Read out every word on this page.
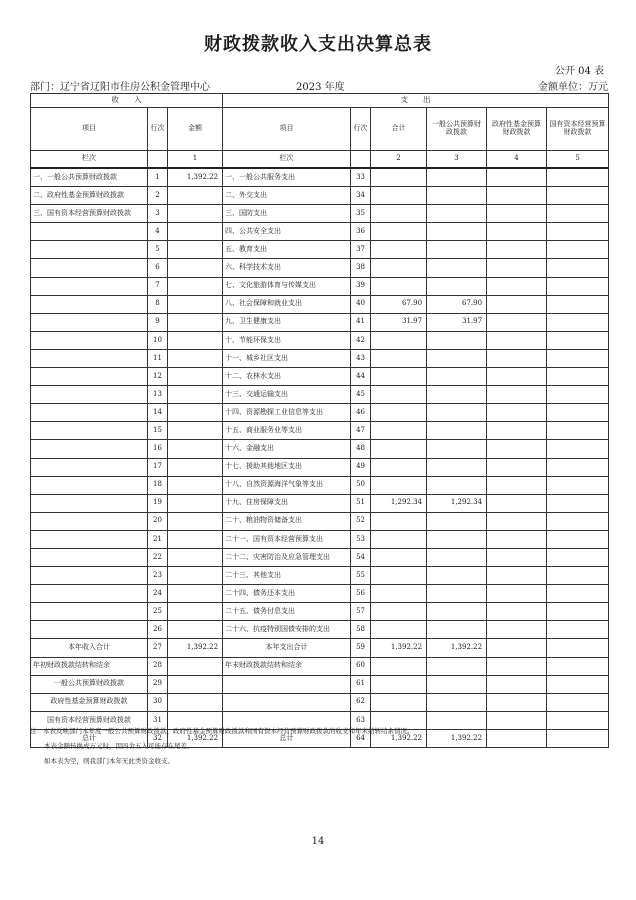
财政拨款收入支出决算总表
公开 04 表
部门：辽宁省辽阳市住房公积金管理中心	2023 年度	金额单位：万元
收　　入			支　　出					
项目	行次	金额	项目	行次	合计	一般公共预算财政拨款	政府性基金预算财政拨款	国有资本经营预算财政拨款
栏次		1	栏次		2	3	4	5
一、一般公共预算财政拨款	1	1,392.22	一、一般公共服务支出	33				
二、政府性基金预算财政拨款	2		二、外交支出	34				
三、国有资本经营预算财政拨款	3		三、国防支出	35				
	4		四、公共安全支出	36				
	5		五、教育支出	37				
	6		六、科学技术支出	38				
	7		七、文化旅游体育与传媒支出	39				
	8		八、社会保障和就业支出	40	67.90	67.90		
	9		九、卫生健康支出	41	31.97	31.97		
	10		十、节能环保支出	42				
	11		十一、城乡社区支出	43				
	12		十二、农林水支出	44				
	13		十三、交通运输支出	45				
	14		十四、资源勘探工业信息等支出	46				
	15		十五、商业服务业等支出	47				
	16		十六、金融支出	48				
	17		十七、援助其他地区支出	49				
	18		十八、自然资源海洋气象等支出	50				
	19		十九、住房保障支出	51	1,292.34	1,292.34		
	20		二十、粮油物资储备支出	52				
	21		二十一、国有资本经营预算支出	53				
	22		二十二、灾害防治及应急管理支出	54				
	23		二十三、其他支出	55				
	24		二十四、债务还本支出	56				
	25		二十五、债务付息支出	57				
	26		二十六、抗疫特别国债安排的支出	58				
本年收入合计	27	1,392.22	本年支出合计	59	1,392.22	1,392.22		
年初财政拨款结转和结余	28		年末财政拨款结转和结余	60				
一般公共预算财政拨款	29			61				
政府性基金预算财政拨款	30			62				
国有资本经营预算财政拨款	31			63				
总计	32	1,392.22	总计	64	1,392.22	1,392.22		
注：本表反映部门本年度一般公共预算财政拨款、政府性基金预算财政拨款和国有资本经营预算财政拨款的收支和年末结转结余情况。
本表金额转换成万元时，因四舍五入可能存在尾差。
如本表为空，则我部门本年无此类资金收支。
14
